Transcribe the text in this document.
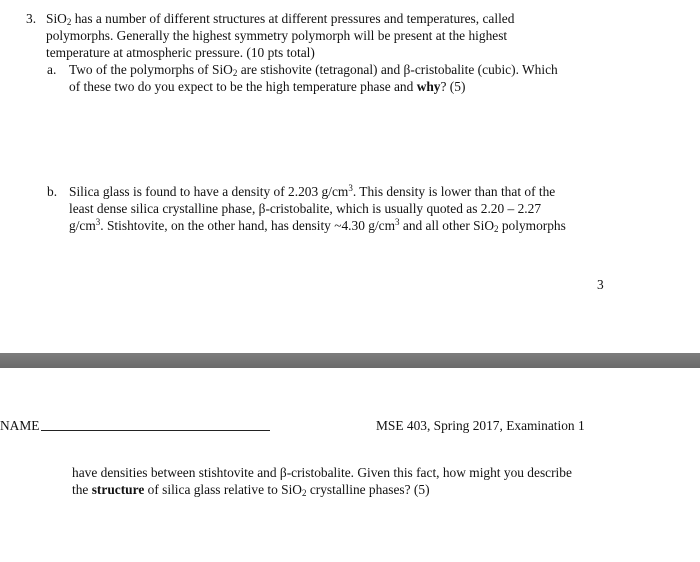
3. SiO$_2$ has a number of different structures at different pressures and temperatures, called
polymorphs. Generally the highest symmetry polymorph will be present at the highest
temperature at atmospheric pressure. (10 pts total)
a. Two of the polymorphs of SiO$_2$ are stishovite (tetragonal) and β-cristobalite (cubic). Which
of these two do you expect to be the high temperature phase and why? (5)
b. Silica glass is found to have a density of 2.203 $g/cm^3$. This density is lower than that of the
least dense silica crystalline phase, β-cristobalite, which is usually quoted as 2.20 – 2.27
$g/cm^3$. Stishtovite, on the other hand, has density ~4.30 $g/cm^3$ and all other SiO$_2$ polymorphs
3
NAME	MSE 403, Spring 2017, Examination 1
have densities between stishtovite and β-cristobalite. Given this fact, how might you describe
the structure of silica glass relative to SiO$_2$ crystalline phases? (5)
